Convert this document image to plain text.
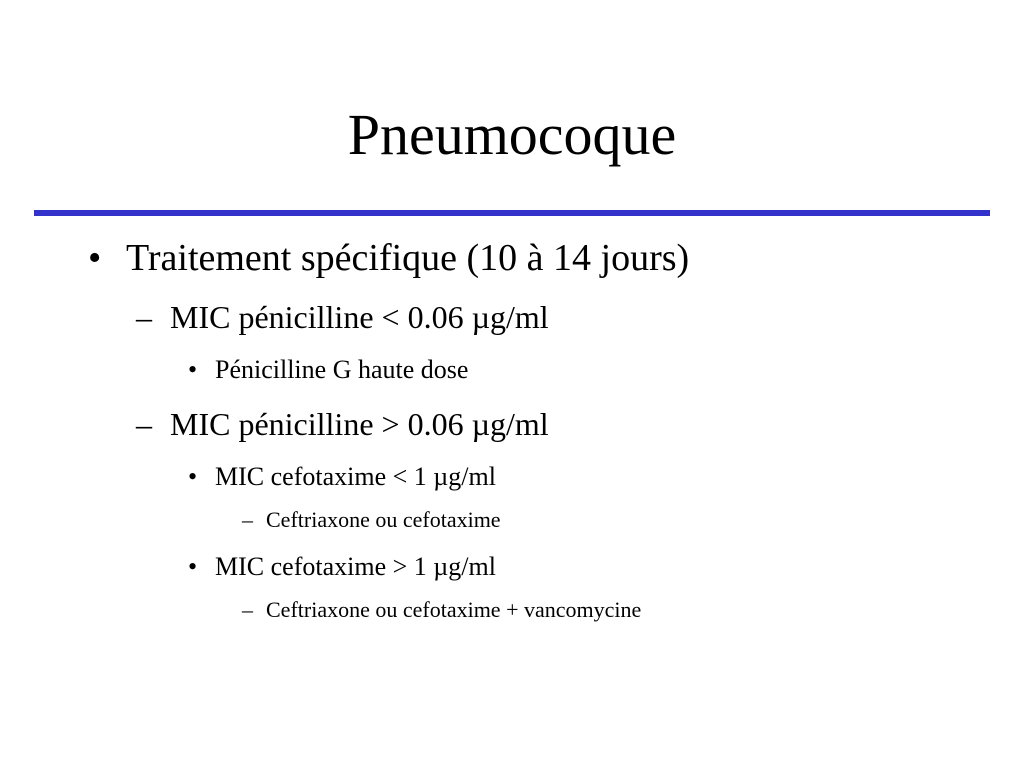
Pneumocoque
• Traitement spécifique (10 à 14 jours)
– MIC pénicilline < 0.06 µg/ml
• Pénicilline G haute dose
– MIC pénicilline > 0.06 µg/ml
• MIC cefotaxime < 1 µg/ml
– Ceftriaxone ou cefotaxime
• MIC cefotaxime > 1 µg/ml
– Ceftriaxone ou cefotaxime + vancomycine
